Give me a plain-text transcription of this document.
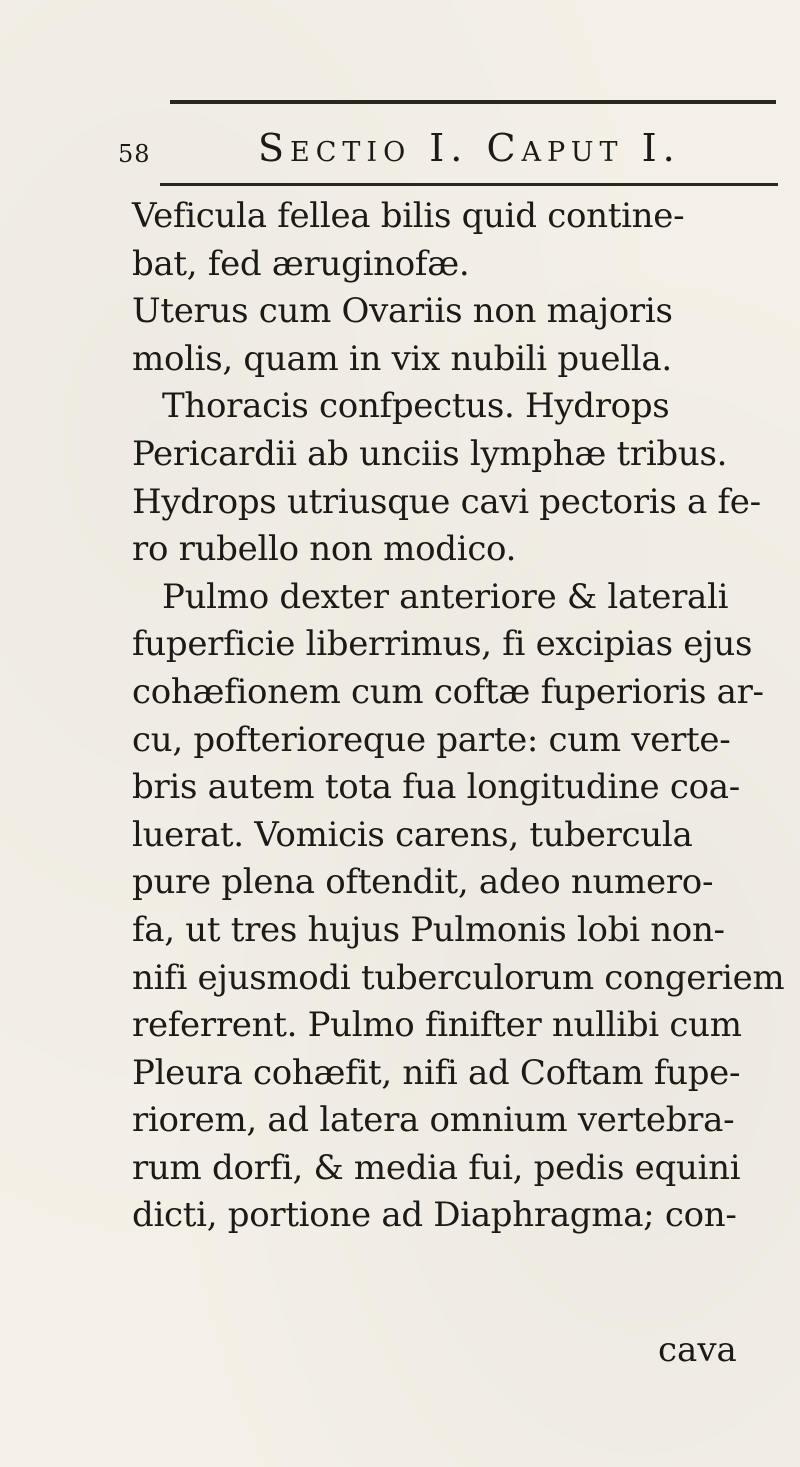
58	Sectio I. Caput I.
Veficula fellea bilis quid contine-
bat, fed æruginofæ.
Uterus cum Ovariis non majoris
molis, quam in vix nubili puella.
Thoracis confpectus. Hydrops
Pericardii ab unciis lymphæ tribus.
Hydrops utriusque cavi pectoris a fe-
ro rubello non modico.
Pulmo dexter anteriore & laterali
fuperficie liberrimus, fi excipias ejus
cohæfionem cum coftæ fuperioris ar-
cu, pofterioreque parte: cum verte-
bris autem tota fua longitudine coa-
luerat. Vomicis carens, tubercula
pure plena oftendit, adeo numero-
fa, ut tres hujus Pulmonis lobi non-
nifi ejusmodi tuberculorum congeriem
referrent. Pulmo finifter nullibi cum
Pleura cohæfit, nifi ad Coftam fupe-
riorem, ad latera omnium vertebra-
rum dorfi, & media fui, pedis equini
dicti, portione ad Diaphragma; con-
cava
